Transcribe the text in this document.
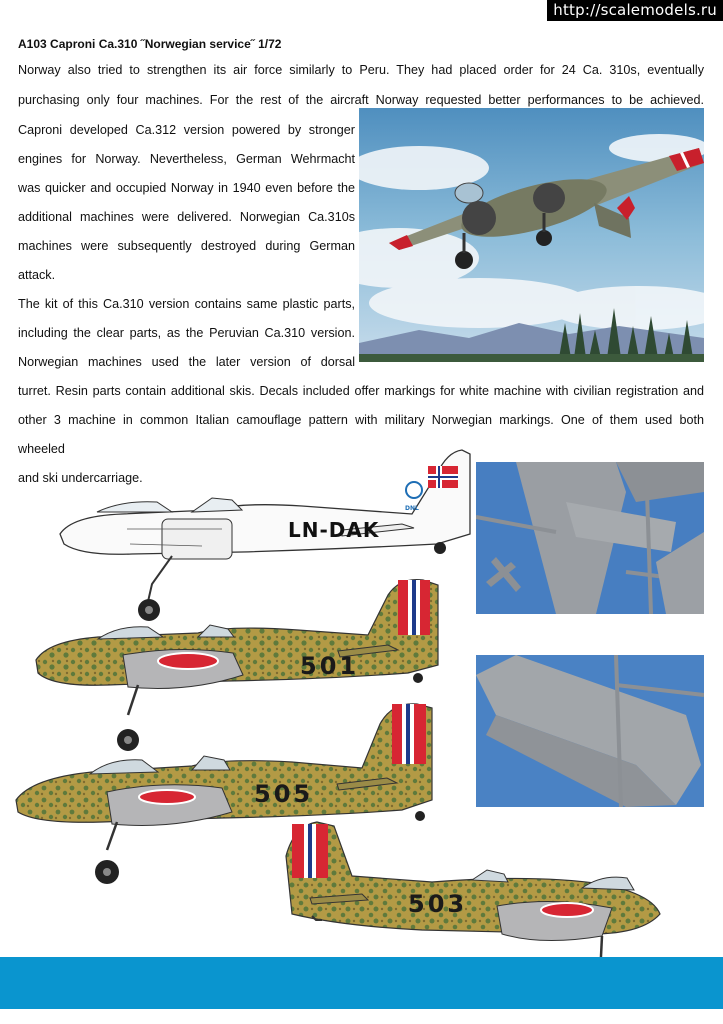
http://scalemodels.ru
A103 Caproni Ca.310 ˝Norwegian service˝ 1/72
Norway also tried to strengthen its air force similarly to Peru. They had placed order for 24 Ca. 310s, eventually
purchasing only four machines. For the rest of the aircraft Norway requested better performances to be achieved.
Caproni developed Ca.312 version powered by stronger
engines for Norway. Nevertheless, German Wehrmacht
was quicker and occupied Norway in 1940 even before the
additional machines were delivered. Norwegian Ca.310s
machines were subsequently destroyed during German
attack.
The kit of this Ca.310 version contains same plastic parts,
including the clear parts, as the Peruvian Ca.310 version.
Norwegian machines used the later version of dorsal
turret. Resin parts contain additional skis. Decals included offer markings for white machine with civilian registration and
other 3 machine in common Italian camouflage pattern with military Norwegian markings. One of them used both
wheeled
and ski undercarriage.
DNL
LN-DAK
501
505
503
